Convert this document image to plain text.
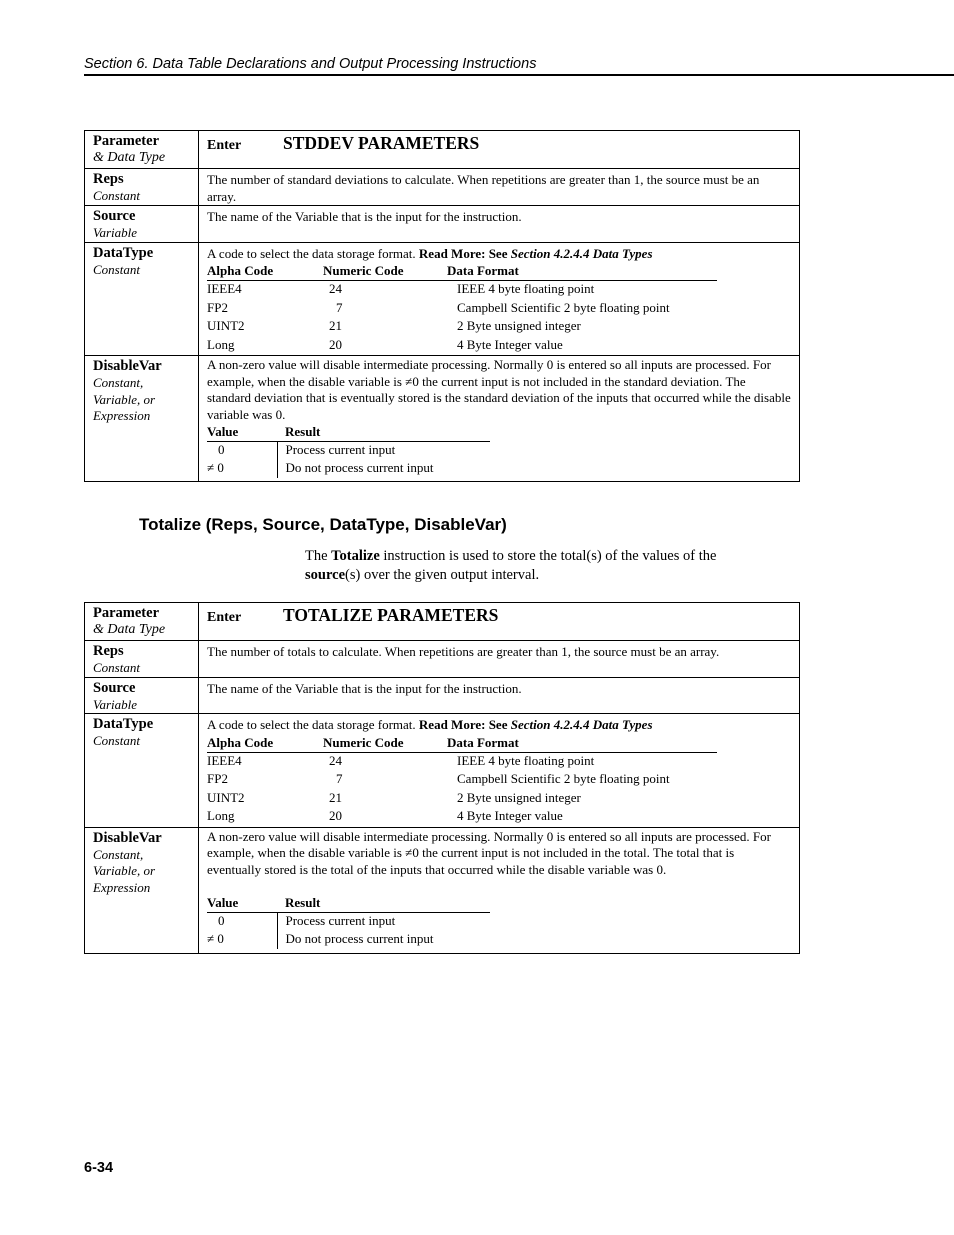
Section 6. Data Table Declarations and Output Processing Instructions
Parameter
& Data Type
	Enter STDDEV PARAMETERS

Reps
Constant
	The number of standard deviations to calculate. When repetitions are greater than 1, the source must be an array.

Source
Variable
	The name of the Variable that is the input for the instruction.

DataType
Constant

A code to select the data storage format. Read More: See Section 4.2.4.4 Data Types
Alpha Code	Numeric Code	Data Format
IEEE4	24	IEEE 4 byte floating point
FP2	7	Campbell Scientific 2 byte floating point
UINT2	21	2 Byte unsigned integer
Long	20	4 Byte Integer value

DisableVar
Constant,
Variable, or
Expression

A non-zero value will disable intermediate processing. Normally 0 is entered so all inputs are processed. For example, when the disable variable is ≠0 the current input is not included in the standard deviation. The standard deviation that is eventually stored is the standard deviation of the inputs that occurred while the disable variable was 0.
Value	Result
0	Process current input
≠ 0	Do not process current input
Totalize (Reps, Source, DataType, DisableVar)
The Totalize instruction is used to store the total(s) of the values of the source(s) over the given output interval.
Parameter
& Data Type
	Enter TOTALIZE PARAMETERS

Reps
Constant
	The number of totals to calculate. When repetitions are greater than 1, the source must be an array.

Source
Variable
	The name of the Variable that is the input for the instruction.

DataType
Constant

A code to select the data storage format. Read More: See Section 4.2.4.4 Data Types
Alpha Code	Numeric Code	Data Format
IEEE4	24	IEEE 4 byte floating point
FP2	7	Campbell Scientific 2 byte floating point
UINT2	21	2 Byte unsigned integer
Long	20	4 Byte Integer value

DisableVar
Constant,
Variable, or
Expression

A non-zero value will disable intermediate processing. Normally 0 is entered so all inputs are processed. For example, when the disable variable is ≠0 the current input is not included in the total. The total that is eventually stored is the total of the inputs that occurred while the disable variable was 0.
Value	Result
0	Process current input
≠ 0	Do not process current input
6-34
